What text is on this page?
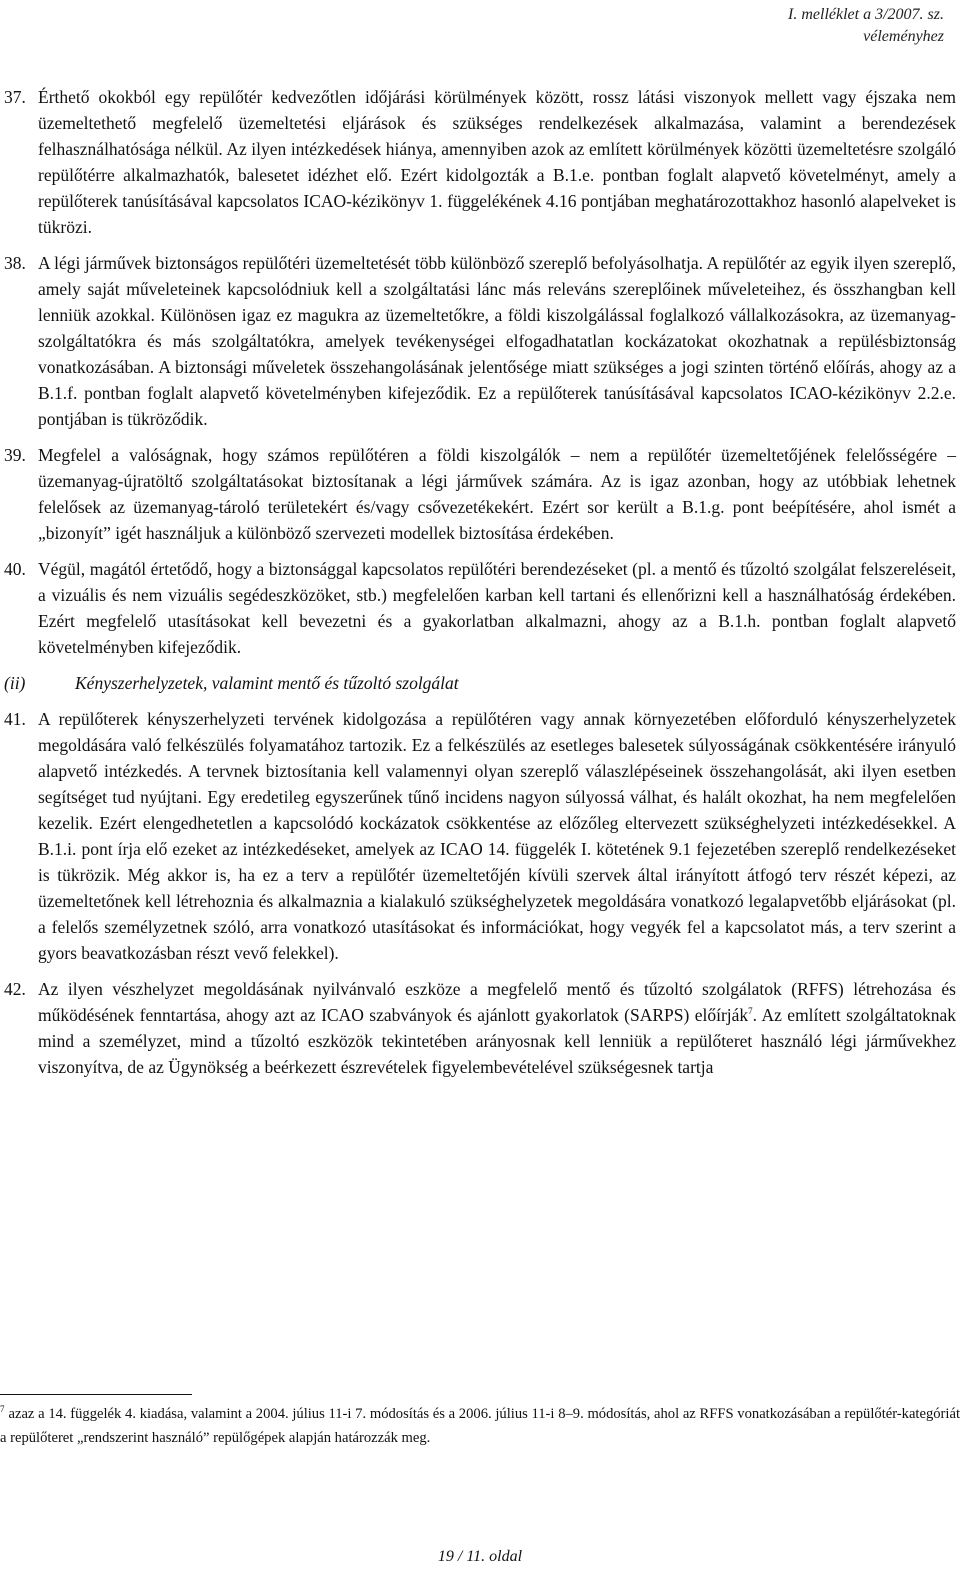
I. melléklet a 3/2007. sz.
véleményhez
37. Érthető okokból egy repülőtér kedvezőtlen időjárási körülmények között, rossz látási viszonyok mellett vagy éjszaka nem üzemeltethető megfelelő üzemeltetési eljárások és szükséges rendelkezések alkalmazása, valamint a berendezések felhasználhatósága nélkül. Az ilyen intézkedések hiánya, amennyiben azok az említett körülmények közötti üzemeltetésre szolgáló repülőtérre alkalmazhatók, balesetet idézhet elő. Ezért kidolgozták a B.1.e. pontban foglalt alapvető követelményt, amely a repülőterek tanúsításával kapcsolatos ICAO-kézikönyv 1. függelékének 4.16 pontjában meghatározottakhoz hasonló alapelveket is tükrözi.
38. A légi járművek biztonságos repülőtéri üzemeltetését több különböző szereplő befolyásolhatja. A repülőtér az egyik ilyen szereplő, amely saját műveleteinek kapcsolódniuk kell a szolgáltatási lánc más releváns szereplőinek műveleteihez, és összhangban kell lenniük azokkal. Különösen igaz ez magukra az üzemeltetőkre, a földi kiszolgálással foglalkozó vállalkozásokra, az üzemanyag-szolgáltatókra és más szolgáltatókra, amelyek tevékenységei elfogadhatatlan kockázatokat okozhatnak a repülésbiztonság vonatkozásában. A biztonsági műveletek összehangolásának jelentősége miatt szükséges a jogi szinten történő előírás, ahogy az a B.1.f. pontban foglalt alapvető követelményben kifejeződik. Ez a repülőterek tanúsításával kapcsolatos ICAO-kézikönyv 2.2.e. pontjában is tükröződik.
39. Megfelel a valóságnak, hogy számos repülőtéren a földi kiszolgálók – nem a repülőtér üzemeltetőjének felelősségére – üzemanyag-újratöltő szolgáltatásokat biztosítanak a légi járművek számára. Az is igaz azonban, hogy az utóbbiak lehetnek felelősek az üzemanyag-tároló területekért és/vagy csővezetékekért. Ezért sor került a B.1.g. pont beépítésére, ahol ismét a „bizonyít” igét használjuk a különböző szervezeti modellek biztosítása érdekében.
40. Végül, magától értetődő, hogy a biztonsággal kapcsolatos repülőtéri berendezéseket (pl. a mentő és tűzoltó szolgálat felszereléseit, a vizuális és nem vizuális segédeszközöket, stb.) megfelelően karban kell tartani és ellenőrizni kell a használhatóság érdekében. Ezért megfelelő utasításokat kell bevezetni és a gyakorlatban alkalmazni, ahogy az a B.1.h. pontban foglalt alapvető követelményben kifejeződik.
(ii)	Kényszerhelyzetek, valamint mentő és tűzoltó szolgálat
41. A repülőterek kényszerhelyzeti tervének kidolgozása a repülőtéren vagy annak környezetében előforduló kényszerhelyzetek megoldására való felkészülés folyamatához tartozik. Ez a felkészülés az esetleges balesetek súlyosságának csökkentésére irányuló alapvető intézkedés. A tervnek biztosítania kell valamennyi olyan szereplő válaszlépéseinek összehangolását, aki ilyen esetben segítséget tud nyújtani. Egy eredetileg egyszerűnek tűnő incidens nagyon súlyossá válhat, és halált okozhat, ha nem megfelelően kezelik. Ezért elengedhetetlen a kapcsolódó kockázatok csökkentése az előzőleg eltervezett szükséghelyzeti intézkedésekkel. A B.1.i. pont írja elő ezeket az intézkedéseket, amelyek az ICAO 14. függelék I. kötetének 9.1 fejezetében szereplő rendelkezéseket is tükrözik. Még akkor is, ha ez a terv a repülőtér üzemeltetőjén kívüli szervek által irányított átfogó terv részét képezi, az üzemeltetőnek kell létrehoznia és alkalmaznia a kialakuló szükséghelyzetek megoldására vonatkozó legalapvetőbb eljárásokat (pl. a felelős személyzetnek szóló, arra vonatkozó utasításokat és információkat, hogy vegyék fel a kapcsolatot más, a terv szerint a gyors beavatkozásban részt vevő felekkel).
42. Az ilyen vészhelyzet megoldásának nyilvánvaló eszköze a megfelelő mentő és tűzoltó szolgálatok (RFFS) létrehozása és működésének fenntartása, ahogy azt az ICAO szabványok és ajánlott gyakorlatok (SARPS) előírják$^7$. Az említett szolgáltatoknak mind a személyzet, mind a tűzoltó eszközök tekintetében arányosnak kell lenniük a repülőteret használó légi járművekhez viszonyítva, de az Ügynökség a beérkezett észrevételek figyelembevételével szükségesnek tartja
$^7$ azaz a 14. függelék 4. kiadása, valamint a 2004. július 11-i 7. módosítás és a 2006. július 11-i 8–9. módosítás, ahol az RFFS vonatkozásában a repülőtér-kategóriát a repülőteret „rendszerint használó” repülőgépek alapján határozzák meg.
19 / 11. oldal
